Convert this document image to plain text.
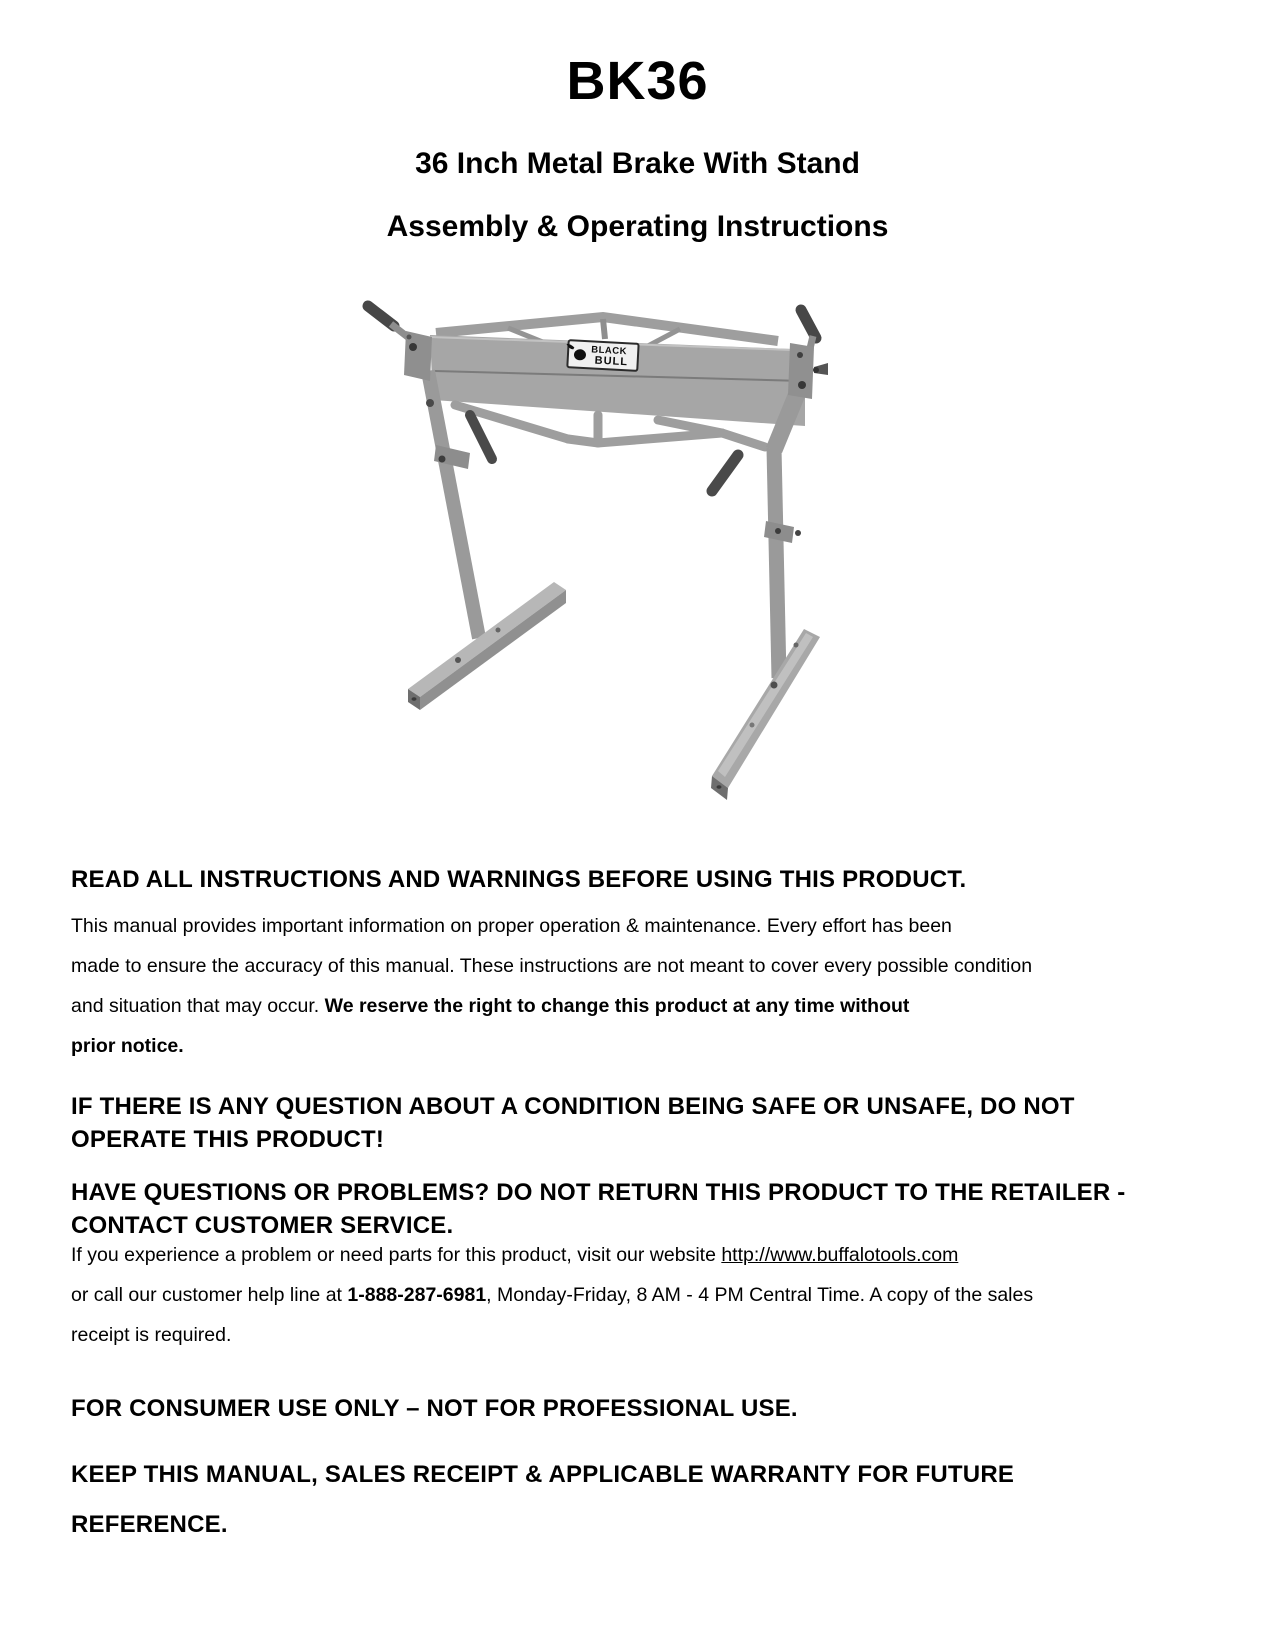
BK36
36 Inch Metal Brake With Stand
Assembly & Operating Instructions
BLACK
BULL
READ ALL INSTRUCTIONS AND WARNINGS BEFORE USING THIS PRODUCT.
This manual provides important information on proper operation & maintenance. Every effort has been
made to ensure the accuracy of this manual. These instructions are not meant to cover every possible condition
and situation that may occur. We reserve the right to change this product at any time without
prior notice.
IF THERE IS ANY QUESTION ABOUT A CONDITION BEING SAFE OR UNSAFE, DO NOT
OPERATE THIS PRODUCT!
HAVE QUESTIONS OR PROBLEMS? DO NOT RETURN THIS PRODUCT TO THE RETAILER -
CONTACT CUSTOMER SERVICE.
If you experience a problem or need parts for this product, visit our website http://www.buffalotools.com
or call our customer help line at 1-888-287-6981, Monday-Friday, 8 AM - 4 PM Central Time. A copy of the sales
receipt is required.
FOR CONSUMER USE ONLY – NOT FOR PROFESSIONAL USE.
KEEP THIS MANUAL, SALES RECEIPT & APPLICABLE WARRANTY FOR FUTURE
REFERENCE.
